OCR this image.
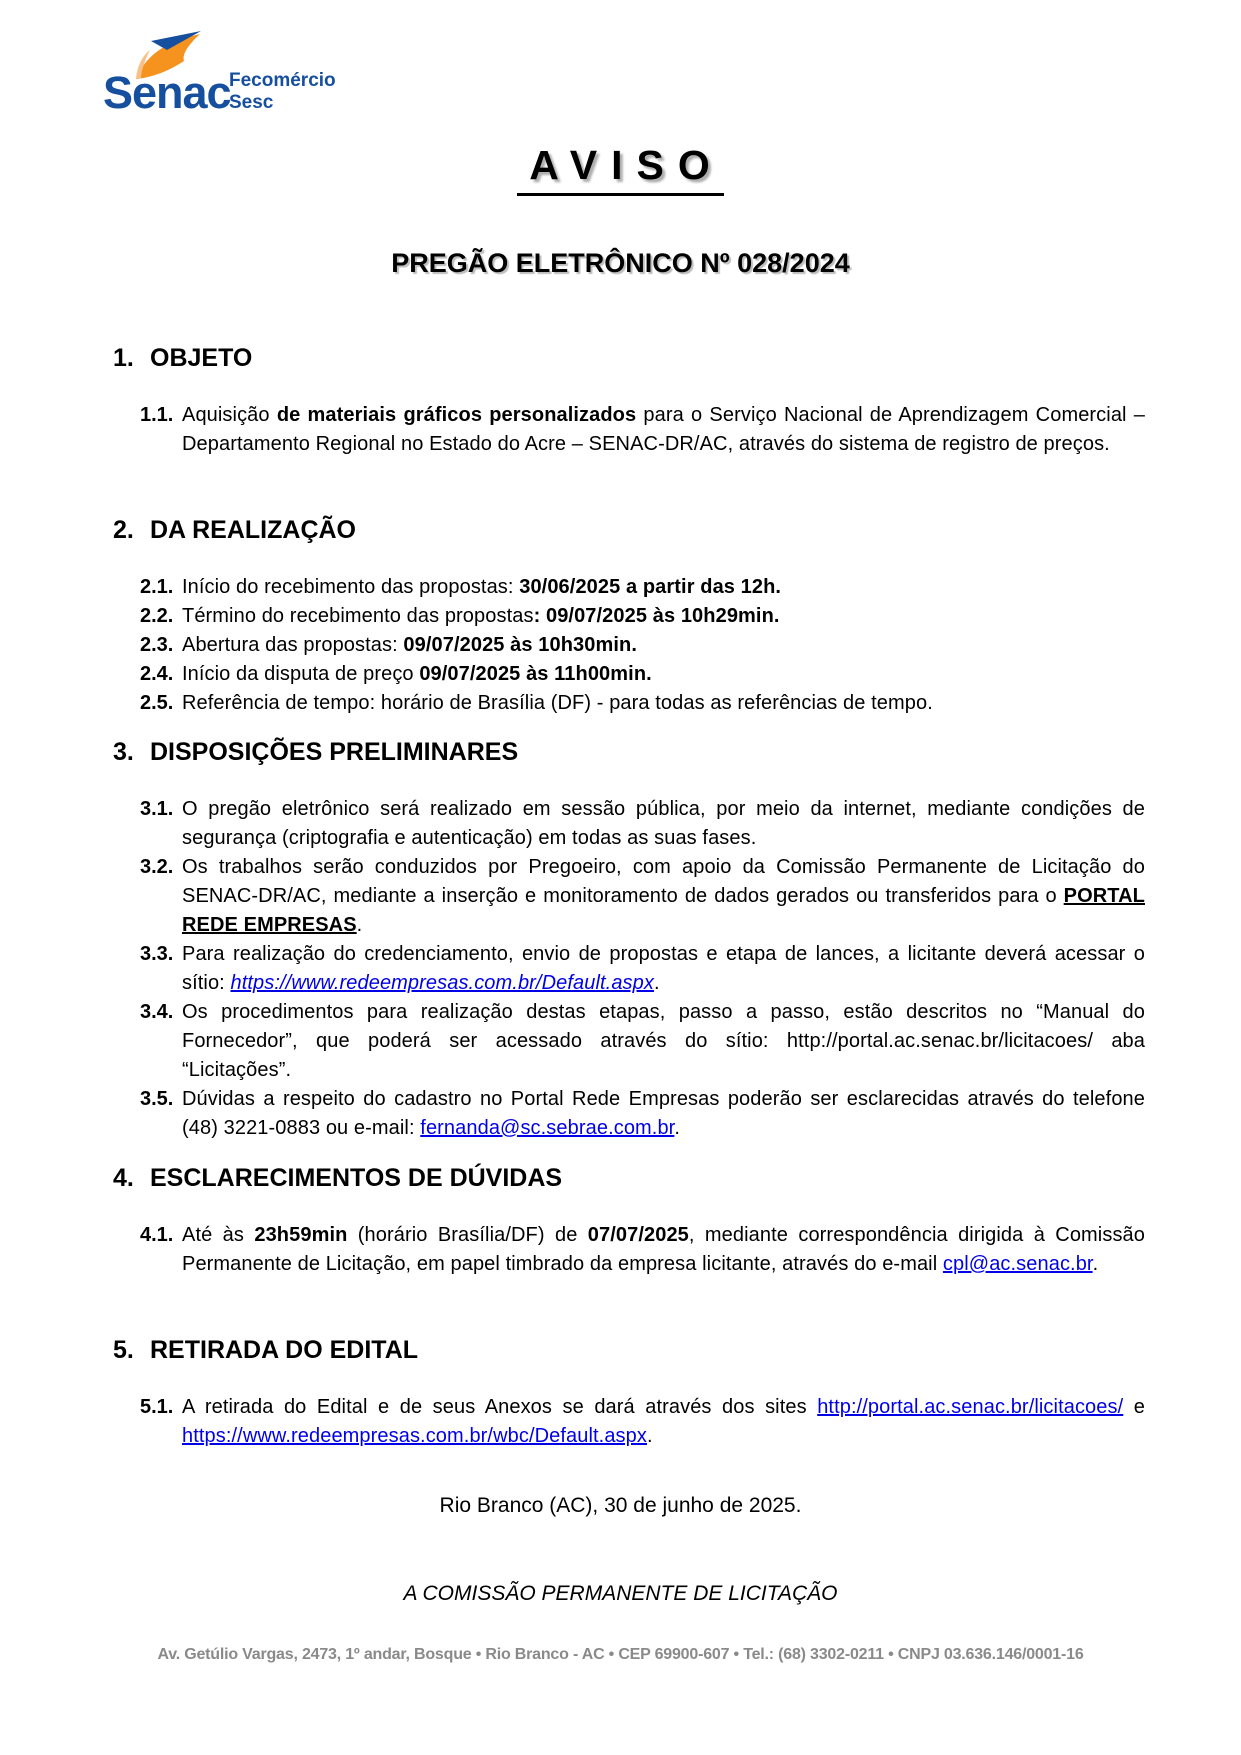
Senac
Fecomércio
Sesc
AVISO
PREGÃO ELETRÔNICO Nº 028/2024
1. OBJETO
1.1. Aquisição de materiais gráficos personalizados para o Serviço Nacional de Aprendizagem Comercial – Departamento Regional no Estado do Acre – SENAC-DR/AC, através do sistema de registro de preços.
2. DA REALIZAÇÃO
2.1. Início do recebimento das propostas: 30/06/2025 a partir das 12h.
2.2. Término do recebimento das propostas: 09/07/2025 às 10h29min.
2.3. Abertura das propostas: 09/07/2025 às 10h30min.
2.4. Início da disputa de preço 09/07/2025 às 11h00min.
2.5. Referência de tempo: horário de Brasília (DF) - para todas as referências de tempo.
3. DISPOSIÇÕES PRELIMINARES
3.1. O pregão eletrônico será realizado em sessão pública, por meio da internet, mediante condições de segurança (criptografia e autenticação) em todas as suas fases.
3.2. Os trabalhos serão conduzidos por Pregoeiro, com apoio da Comissão Permanente de Licitação do SENAC-DR/AC, mediante a inserção e monitoramento de dados gerados ou transferidos para o PORTAL REDE EMPRESAS.
3.3. Para realização do credenciamento, envio de propostas e etapa de lances, a licitante deverá acessar o sítio: https://www.redeempresas.com.br/Default.aspx.
3.4. Os procedimentos para realização destas etapas, passo a passo, estão descritos no “Manual do Fornecedor”, que poderá ser acessado através do sítio: http://portal.ac.senac.br/licitacoes/ aba “Licitações”.
3.5. Dúvidas a respeito do cadastro no Portal Rede Empresas poderão ser esclarecidas através do telefone (48) 3221-0883 ou e-mail: fernanda@sc.sebrae.com.br.
4. ESCLARECIMENTOS DE DÚVIDAS
4.1. Até às 23h59min (horário Brasília/DF) de 07/07/2025, mediante correspondência dirigida à Comissão Permanente de Licitação, em papel timbrado da empresa licitante, através do e-mail cpl@ac.senac.br.
5. RETIRADA DO EDITAL
5.1. A retirada do Edital e de seus Anexos se dará através dos sites http://portal.ac.senac.br/licitacoes/ e https://www.redeempresas.com.br/wbc/Default.aspx.
Rio Branco (AC), 30 de junho de 2025.
A COMISSÃO PERMANENTE DE LICITAÇÃO
Av. Getúlio Vargas, 2473, 1º andar, Bosque • Rio Branco - AC • CEP 69900-607 • Tel.: (68) 3302-0211 • CNPJ 03.636.146/0001-16
